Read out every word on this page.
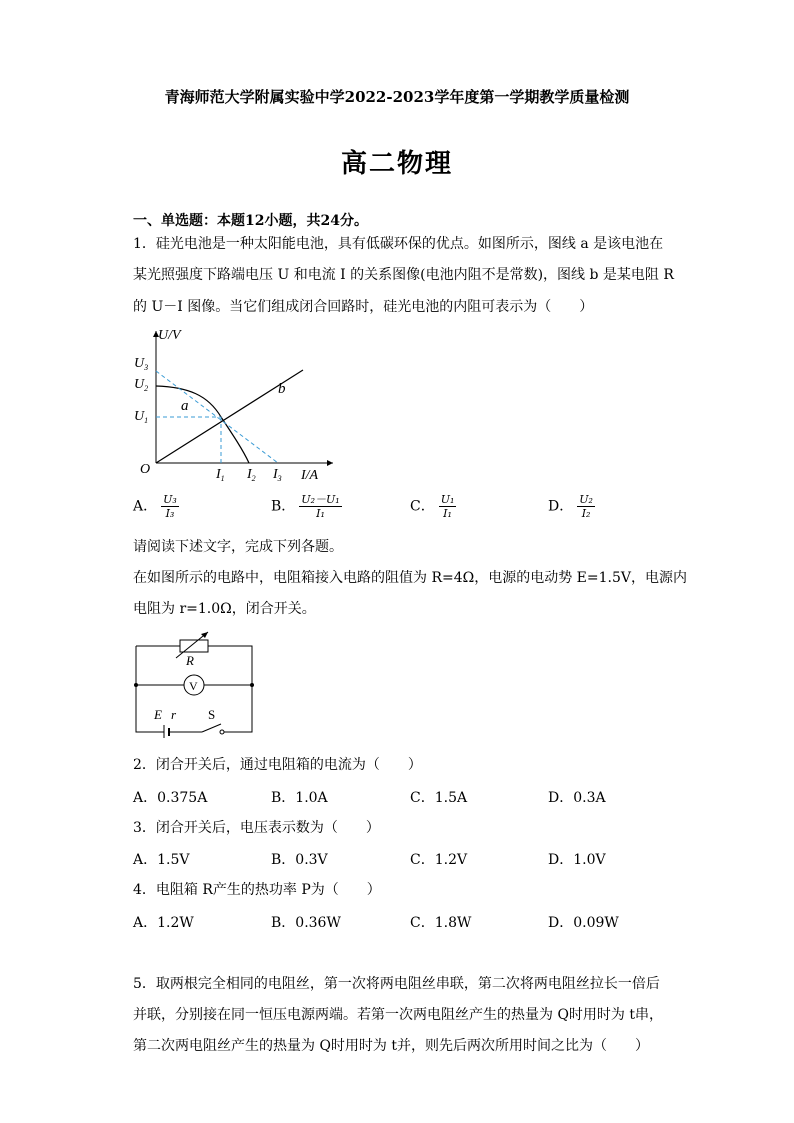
青海师范大学附属实验中学2022-2023学年度第一学期教学质量检测
高二物理
一、单选题：本题12小题，共24分。
1．硅光电池是一种太阳能电池，具有低碳环保的优点。如图所示，图线 a 是该电池在
某光照强度下路端电压 U 和电流 I 的关系图像(电池内阻不是常数)，图线 b 是某电阻 R
的 U－I 图像。当它们组成闭合回路时，硅光电池的内阻可表示为（　　）
U/V
I/A
O
b
a
$U_3$
$U_2$
$U_1$
$I_1$ $I_2$ $I_3$
A． $\frac{\text{U₃}}{\text{I₃}}$	B． $\frac{\text{U₂－U₁}}{\text{I₁}}$	C． $\frac{\text{U₁}}{\text{I₁}}$	D． $\frac{\text{U₂}}{\text{I₂}}$
请阅读下述文字，完成下列各题。
在如图所示的电路中，电阻箱接入电路的阻值为 R=4Ω，电源的电动势 E=1.5V，电源内
电阻为 r=1.0Ω，闭合开关。
R
V
E r S
2．闭合开关后，通过电阻箱的电流为（　　）
A．0.375A	B．1.0A	C．1.5A	D．0.3A
3．闭合开关后，电压表示数为（　　）
A．1.5V	B．0.3V	C．1.2V	D．1.0V
4．电阻箱 R产生的热功率 P为（　　）
A．1.2W	B．0.36W	C．1.8W	D．0.09W
5．取两根完全相同的电阻丝，第一次将两电阻丝串联，第二次将两电阻丝拉长一倍后
并联，分别接在同一恒压电源两端。若第一次两电阻丝产生的热量为 Q时用时为 t串，
第二次两电阻丝产生的热量为 Q时用时为 t并，则先后两次所用时间之比为（　　）
